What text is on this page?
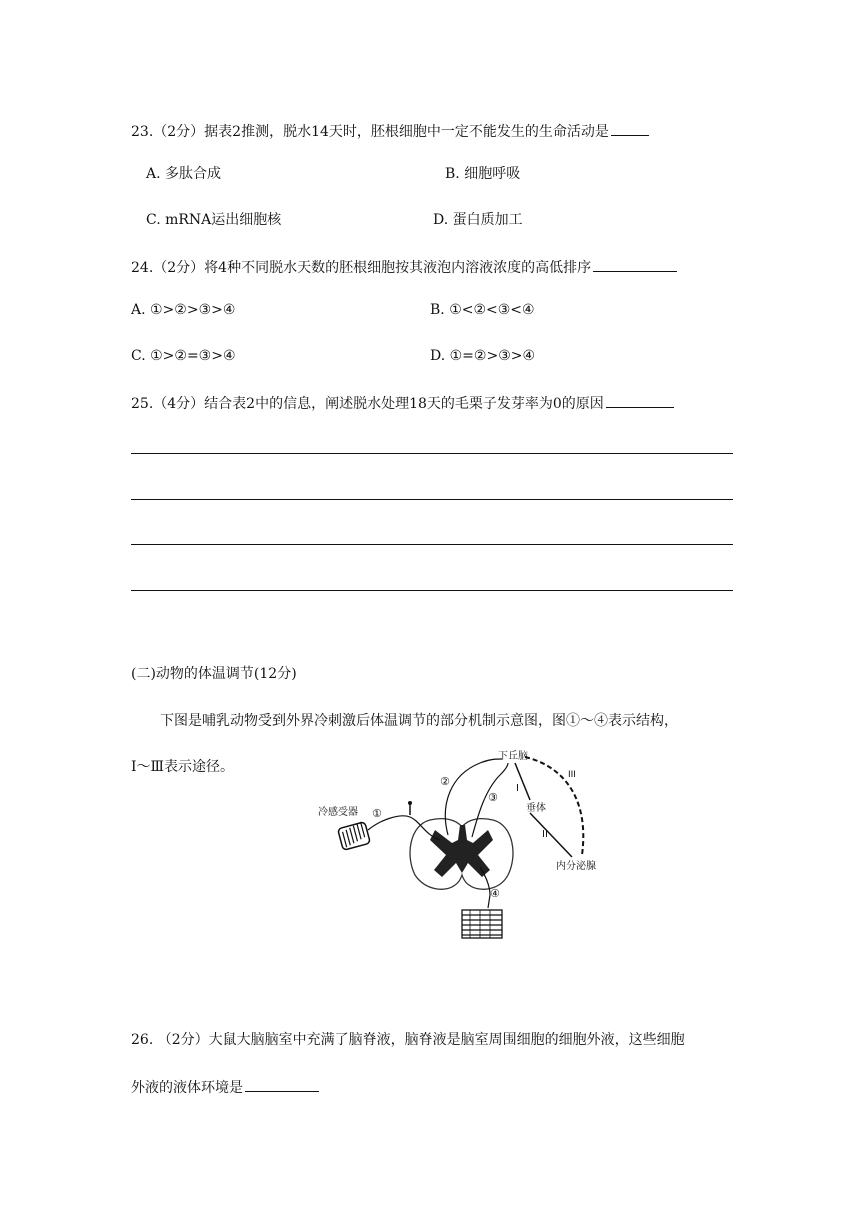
23.（2分）据表2推测，脱水14天时，胚根细胞中一定不能发生的生命活动是
A. 多肽合成	B. 细胞呼吸
C. mRNA运出细胞核	D. 蛋白质加工
24.（2分）将4种不同脱水天数的胚根细胞按其液泡内溶液浓度的高低排序
A. ①>②>③>④	B. ①<②<③<④
C. ①>②=③>④	D. ①=②>③>④
25.（4分）结合表2中的信息，阐述脱水处理18天的毛栗子发芽率为0的原因
(二)动物的体温调节(12分)
下图是哺乳动物受到外界冷刺激后体温调节的部分机制示意图，图①～④表示结构，
Ⅰ～Ⅲ表示途径。
冷感受器 ①
②
③
④
下丘脑
垂体
内分泌腺
I
II
III
26. （2分）大鼠大脑脑室中充满了脑脊液，脑脊液是脑室周围细胞的细胞外液，这些细胞
外液的液体环境是
